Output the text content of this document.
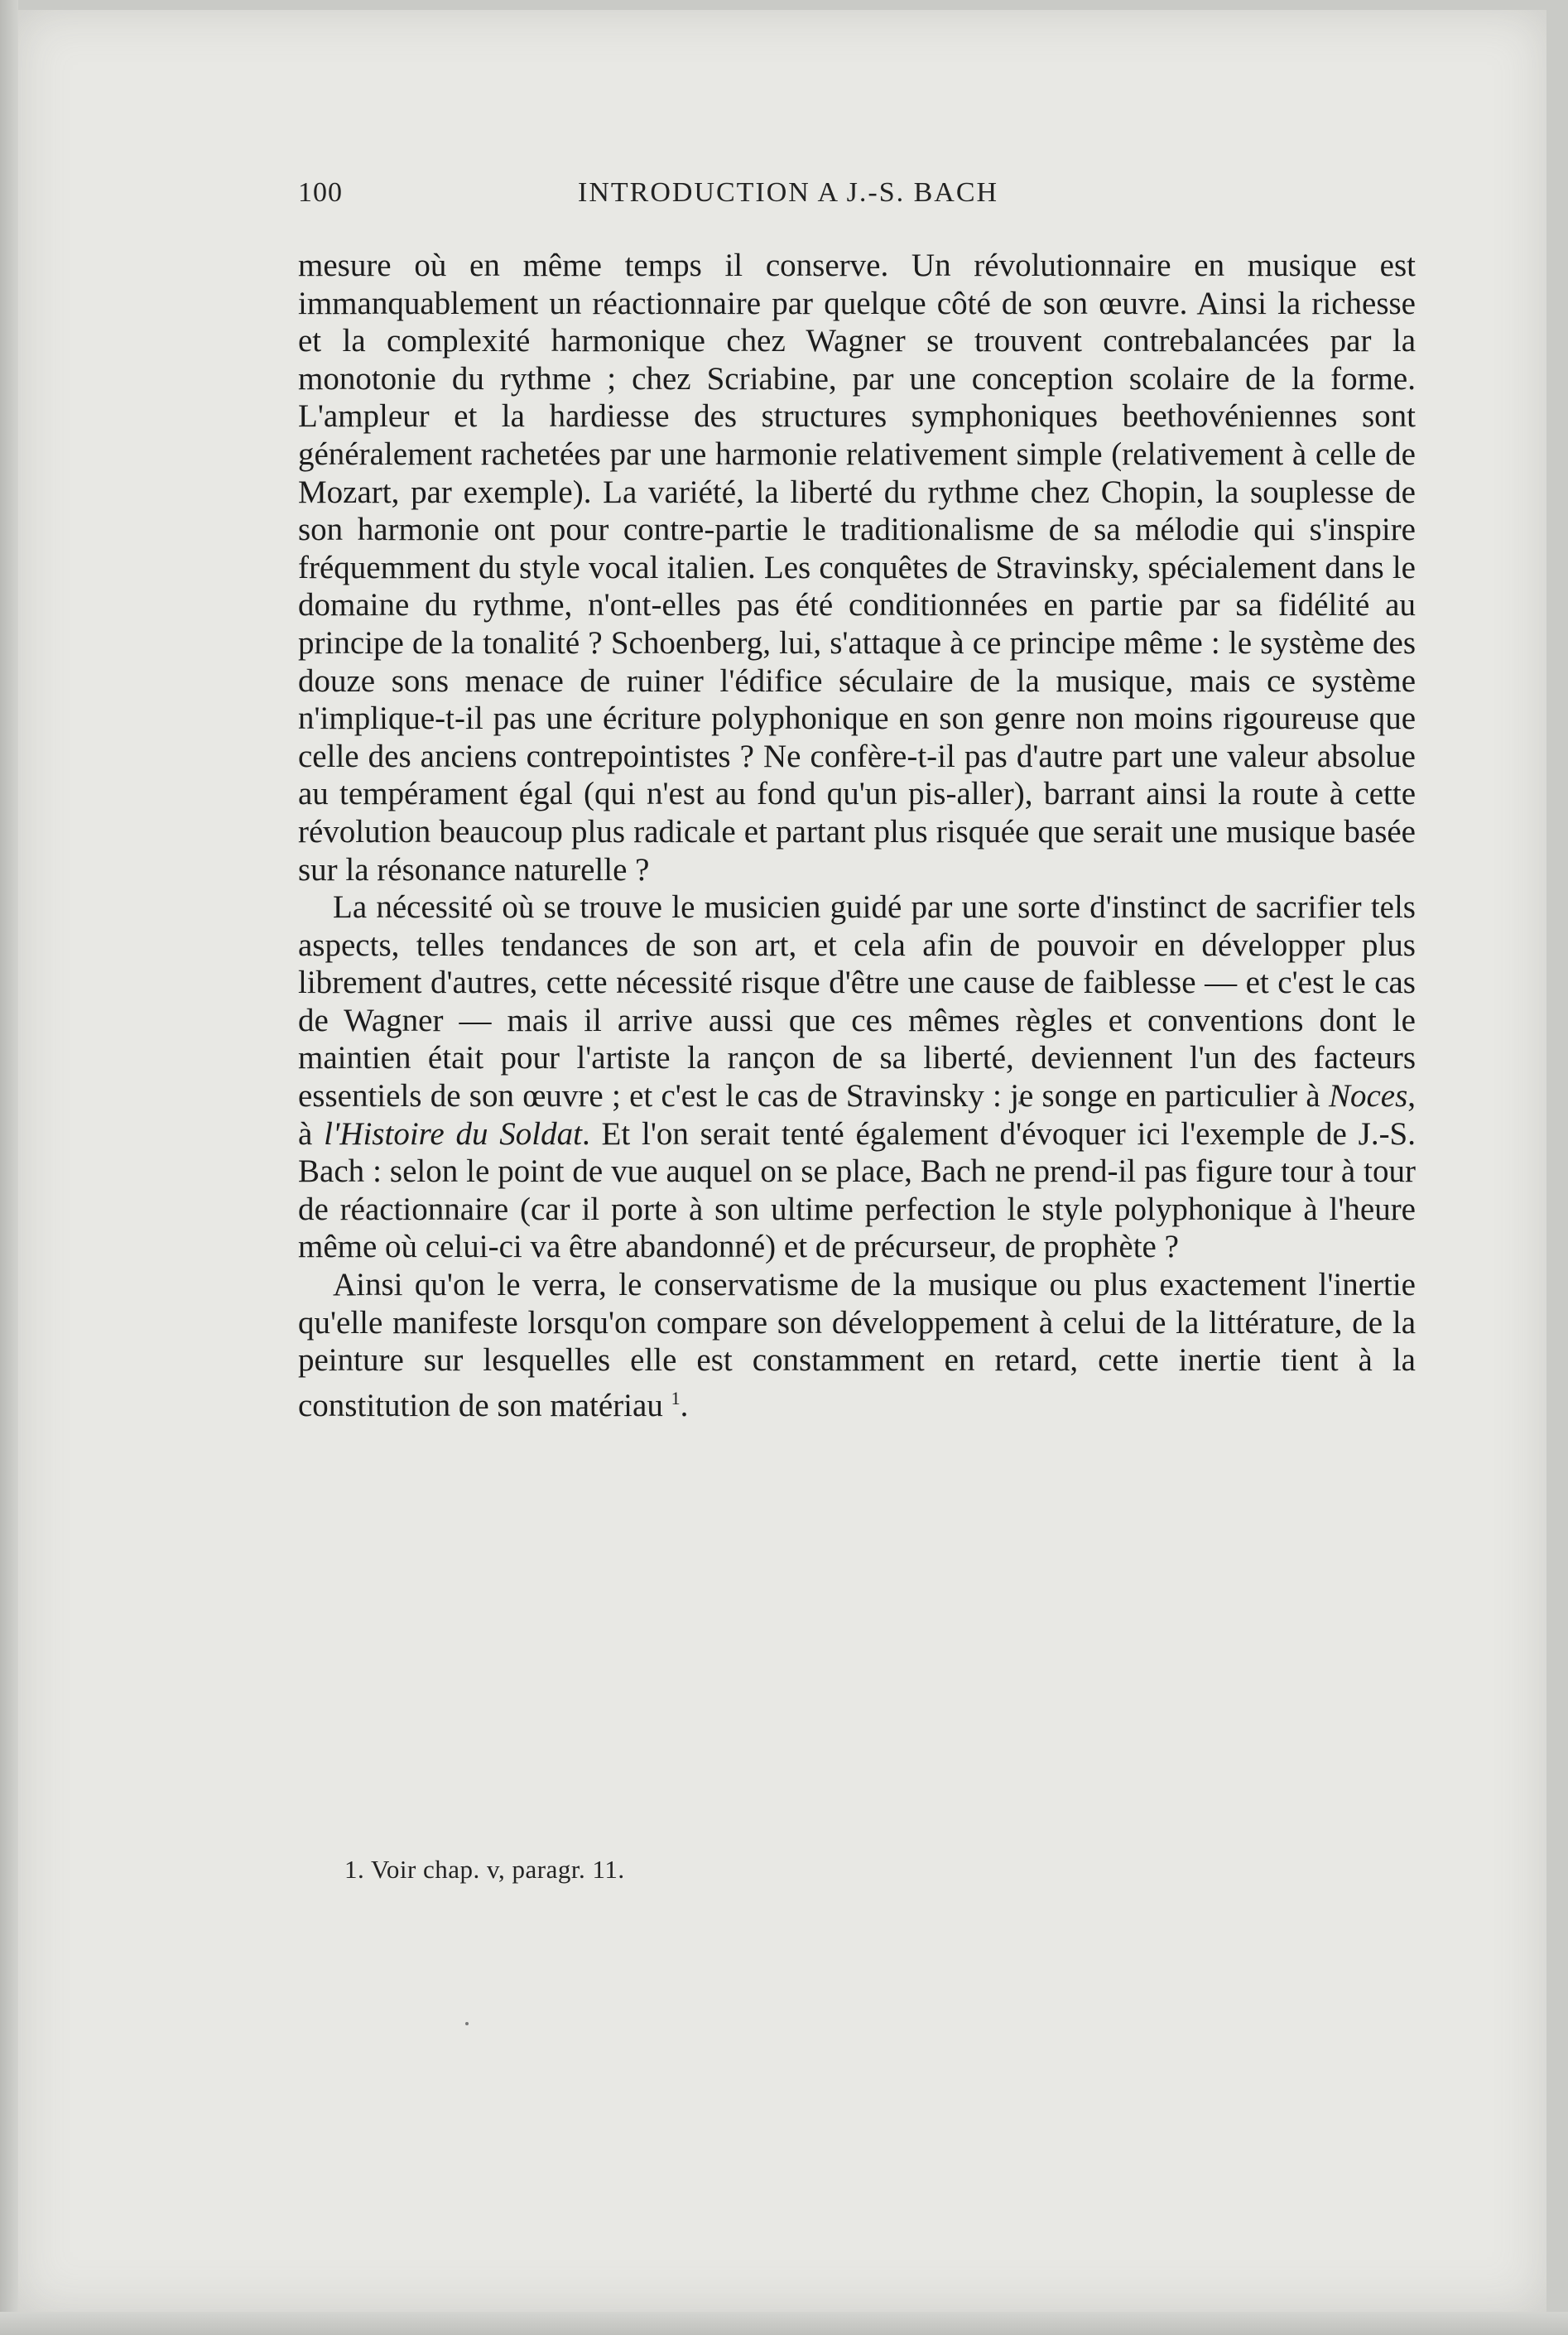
100	INTRODUCTION A J.-S. BACH

mesure où en même temps il conserve. Un révolutionnaire en musique est immanquablement un réactionnaire par quelque côté de son œuvre. Ainsi la richesse et la complexité harmonique chez Wagner se trouvent contrebalancées par la monotonie du rythme ; chez Scriabine, par une conception scolaire de la forme. L'ampleur et la hardiesse des structures symphoniques beethovéniennes sont généralement rachetées par une harmonie relativement simple (relativement à celle de Mozart, par exemple). La variété, la liberté du rythme chez Chopin, la souplesse de son harmonie ont pour contre-partie le traditionalisme de sa mélodie qui s'inspire fréquemment du style vocal italien. Les conquêtes de Stravinsky, spécialement dans le domaine du rythme, n'ont-elles pas été conditionnées en partie par sa fidélité au principe de la tonalité ? Schoenberg, lui, s'attaque à ce principe même : le système des douze sons menace de ruiner l'édifice séculaire de la musique, mais ce système n'implique-t-il pas une écriture polyphonique en son genre non moins rigoureuse que celle des anciens contrepointistes ? Ne confère-t-il pas d'autre part une valeur absolue au tempérament égal (qui n'est au fond qu'un pis-aller), barrant ainsi la route à cette révolution beaucoup plus radicale et partant plus risquée que serait une musique basée sur la résonance naturelle ?

La nécessité où se trouve le musicien guidé par une sorte d'instinct de sacrifier tels aspects, telles tendances de son art, et cela afin de pouvoir en développer plus librement d'autres, cette nécessité risque d'être une cause de faiblesse — et c'est le cas de Wagner — mais il arrive aussi que ces mêmes règles et conventions dont le maintien était pour l'artiste la rançon de sa liberté, deviennent l'un des facteurs essentiels de son œuvre ; et c'est le cas de Stravinsky : je songe en particulier à Noces, à l'Histoire du Soldat. Et l'on serait tenté également d'évoquer ici l'exemple de J.-S. Bach : selon le point de vue auquel on se place, Bach ne prend-il pas figure tour à tour de réactionnaire (car il porte à son ultime perfection le style polyphonique à l'heure même où celui-ci va être abandonné) et de précurseur, de prophète ?

Ainsi qu'on le verra, le conservatisme de la musique ou plus exactement l'inertie qu'elle manifeste lorsqu'on compare son développement à celui de la littérature, de la peinture sur lesquelles elle est constamment en retard, cette inertie tient à la constitution de son matériau $^1$.

1. Voir chap. v, paragr. 11.
